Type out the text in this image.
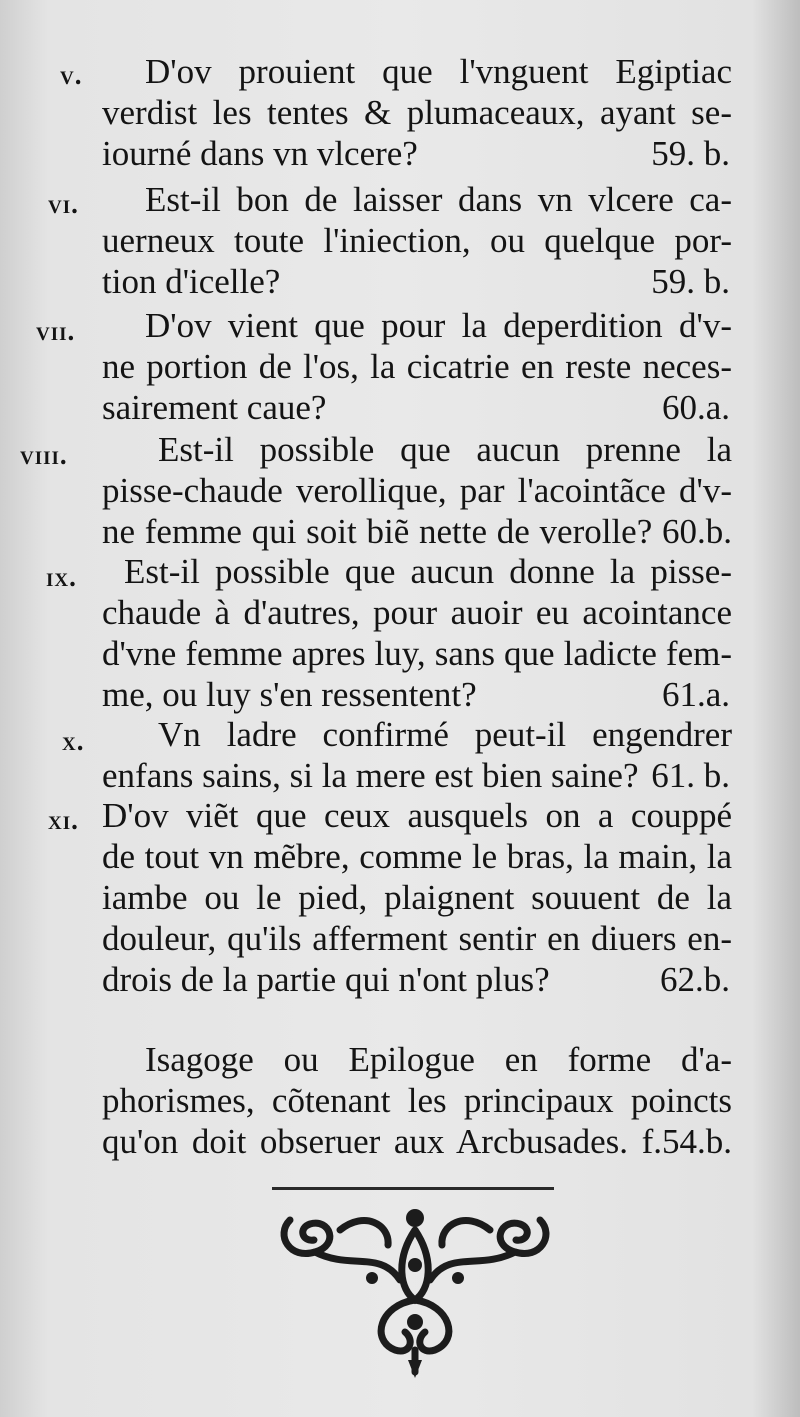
v. D'ov prouient que l'vnguent Egiptiac
verdist les tentes & plumaceaux, ayant se-
iourné dans vn vlcere?	59. b.
vi. Est-il bon de laisser dans vn vlcere ca-
uerneux toute l'iniection, ou quelque por-
tion d'icelle?	59. b.
vii. D'ov vient que pour la deperdition d'v-
ne portion de l'os, la cicatrie en reste neces-
sairement caue?	60.a.
viii.	Est-il possible que aucun prenne la
pisse-chaude verollique, par l'acointãce d'v-
ne femme qui soit biẽ nette de verolle? 60.b.
ix. Est-il possible que aucun donne la pisse-
chaude à d'autres, pour auoir eu acointance
d'vne femme apres luy, sans que ladicte fem-
me, ou luy s'en ressentent?	61.a.
x. Vn ladre confirmé peut-il engendrer
enfans sains, si la mere est bien saine? 61. b.
xi. D'ov viẽt que ceux ausquels on a couppé
de tout vn mẽbre, comme le bras, la main, la
iambe ou le pied, plaignent souuent de la
douleur, qu'ils afferment sentir en diuers en-
drois de la partie qui n'ont plus?	62.b.
Isagoge ou Epilogue en forme d'a-
phorismes, cõtenant les principaux poincts
qu'on doit obseruer aux Arcbusades. f.54.b.
